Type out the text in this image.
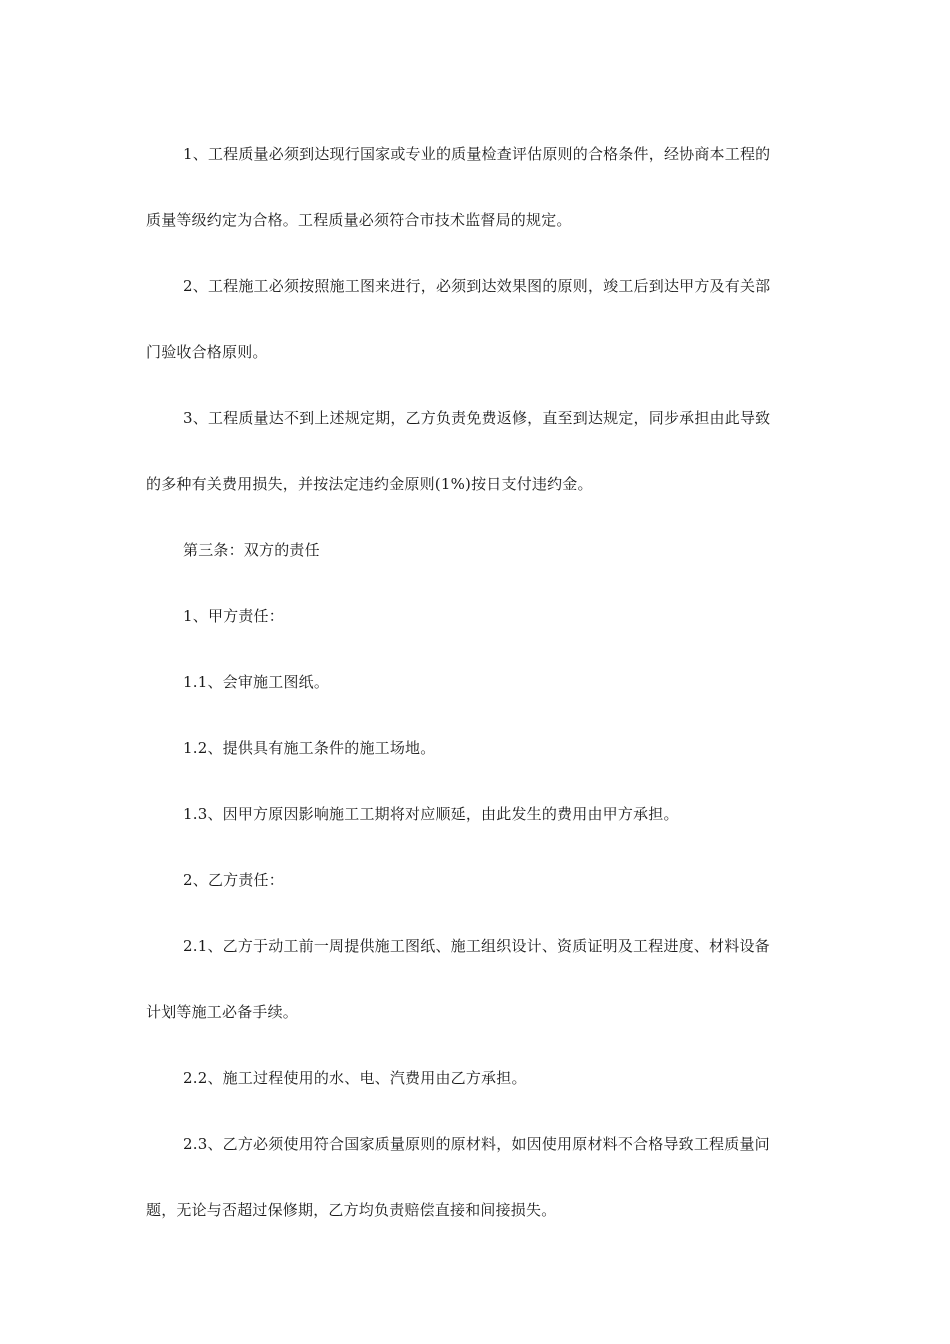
1、工程质量必须到达现行国家或专业的质量检查评估原则的合格条件，经协商本工程的
质量等级约定为合格。工程质量必须符合市技术监督局的规定。

2、工程施工必须按照施工图来进行，必须到达效果图的原则，竣工后到达甲方及有关部
门验收合格原则。

3、工程质量达不到上述规定期，乙方负责免费返修，直至到达规定，同步承担由此导致
的多种有关费用损失，并按法定违约金原则(1%)按日支付违约金。

第三条：双方的责任

1、甲方责任：

1.1、会审施工图纸。

1.2、提供具有施工条件的施工场地。

1.3、因甲方原因影响施工工期将对应顺延，由此发生的费用由甲方承担。

2、乙方责任：

2.1、乙方于动工前一周提供施工图纸、施工组织设计、资质证明及工程进度、材料设备
计划等施工必备手续。

2.2、施工过程使用的水、电、汽费用由乙方承担。

2.3、乙方必须使用符合国家质量原则的原材料，如因使用原材料不合格导致工程质量问
题，无论与否超过保修期，乙方均负责赔偿直接和间接损失。
